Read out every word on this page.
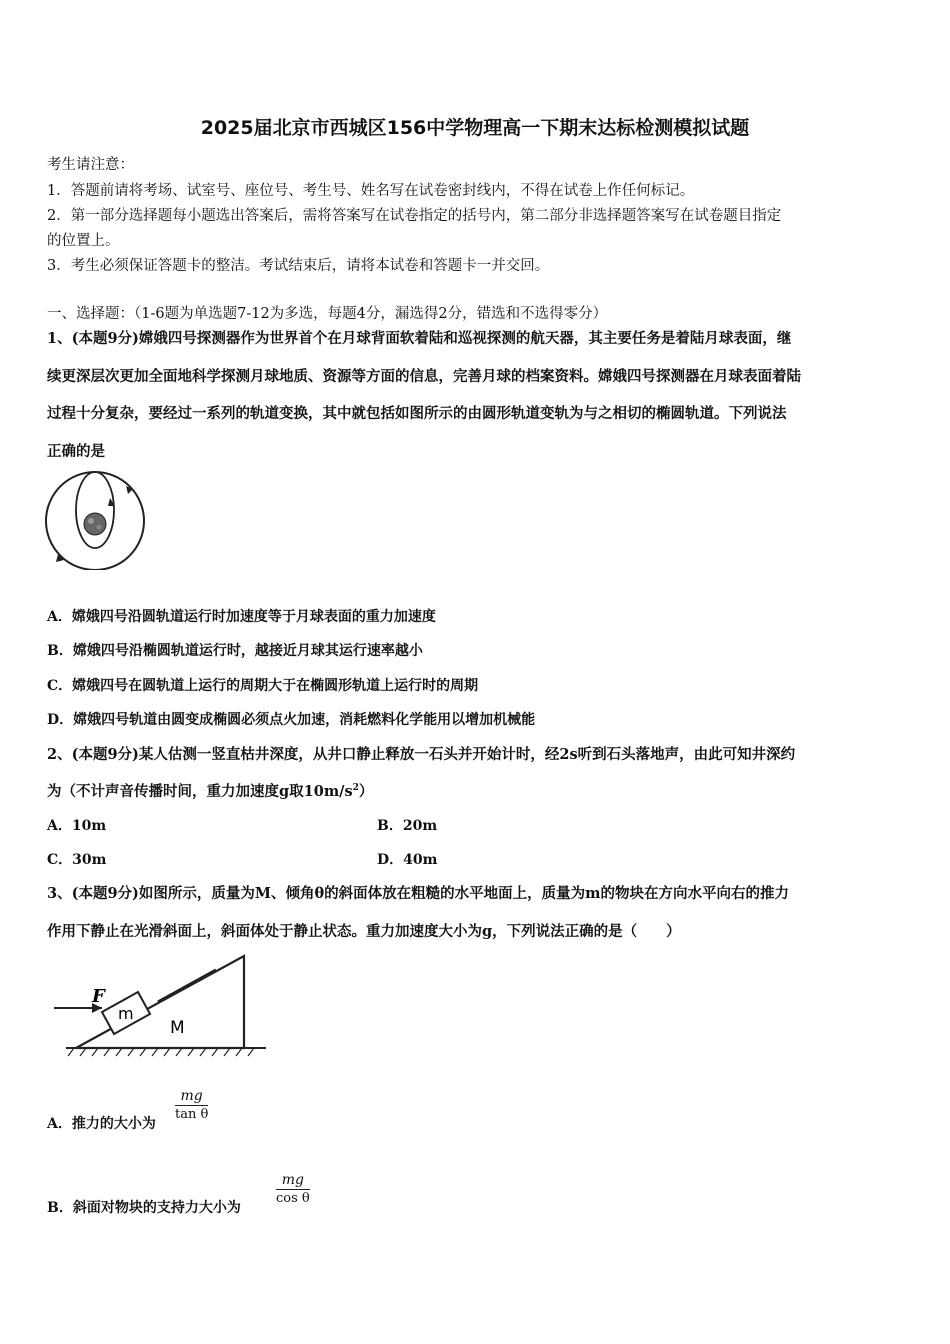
2025届北京市西城区156中学物理高一下期末达标检测模拟试题
考生请注意：
1．答题前请将考场、试室号、座位号、考生号、姓名写在试卷密封线内，不得在试卷上作任何标记。
2．第一部分选择题每小题选出答案后，需将答案写在试卷指定的括号内，第二部分非选择题答案写在试卷题目指定
的位置上。
3．考生必须保证答题卡的整洁。考试结束后，请将本试卷和答题卡一并交回。
一、选择题：（1-6题为单选题7-12为多选，每题4分，漏选得2分，错选和不选得零分）
1、(本题9分)嫦娥四号探测器作为世界首个在月球背面软着陆和巡视探测的航天器，其主要任务是着陆月球表面，继
续更深层次更加全面地科学探测月球地质、资源等方面的信息，完善月球的档案资料。嫦娥四号探测器在月球表面着陆
过程十分复杂，要经过一系列的轨道变换，其中就包括如图所示的由圆形轨道变轨为与之相切的椭圆轨道。下列说法
正确的是
A．嫦娥四号沿圆轨道运行时加速度等于月球表面的重力加速度
B．嫦娥四号沿椭圆轨道运行时，越接近月球其运行速率越小
C．嫦娥四号在圆轨道上运行的周期大于在椭圆形轨道上运行时的周期
D．嫦娥四号轨道由圆变成椭圆必须点火加速，消耗燃料化学能用以增加机械能
2、(本题9分)某人估测一竖直枯井深度，从井口静止释放一石头并开始计时，经2s听到石头落地声，由此可知井深约
为（不计声音传播时间，重力加速度g取$10m/s^2$）
A．10m	B．20m
C．30m	D．40m
3、(本题9分)如图所示，质量为M、倾角θ的斜面体放在粗糙的水平地面上，质量为m的物块在方向水平向右的推力
作用下静止在光滑斜面上，斜面体处于静止状态。重力加速度大小为g，下列说法正确的是（　　）
F
m
M
A．推力的大小为
mg
tan θ
B．斜面对物块的支持力大小为
mg
cos θ
